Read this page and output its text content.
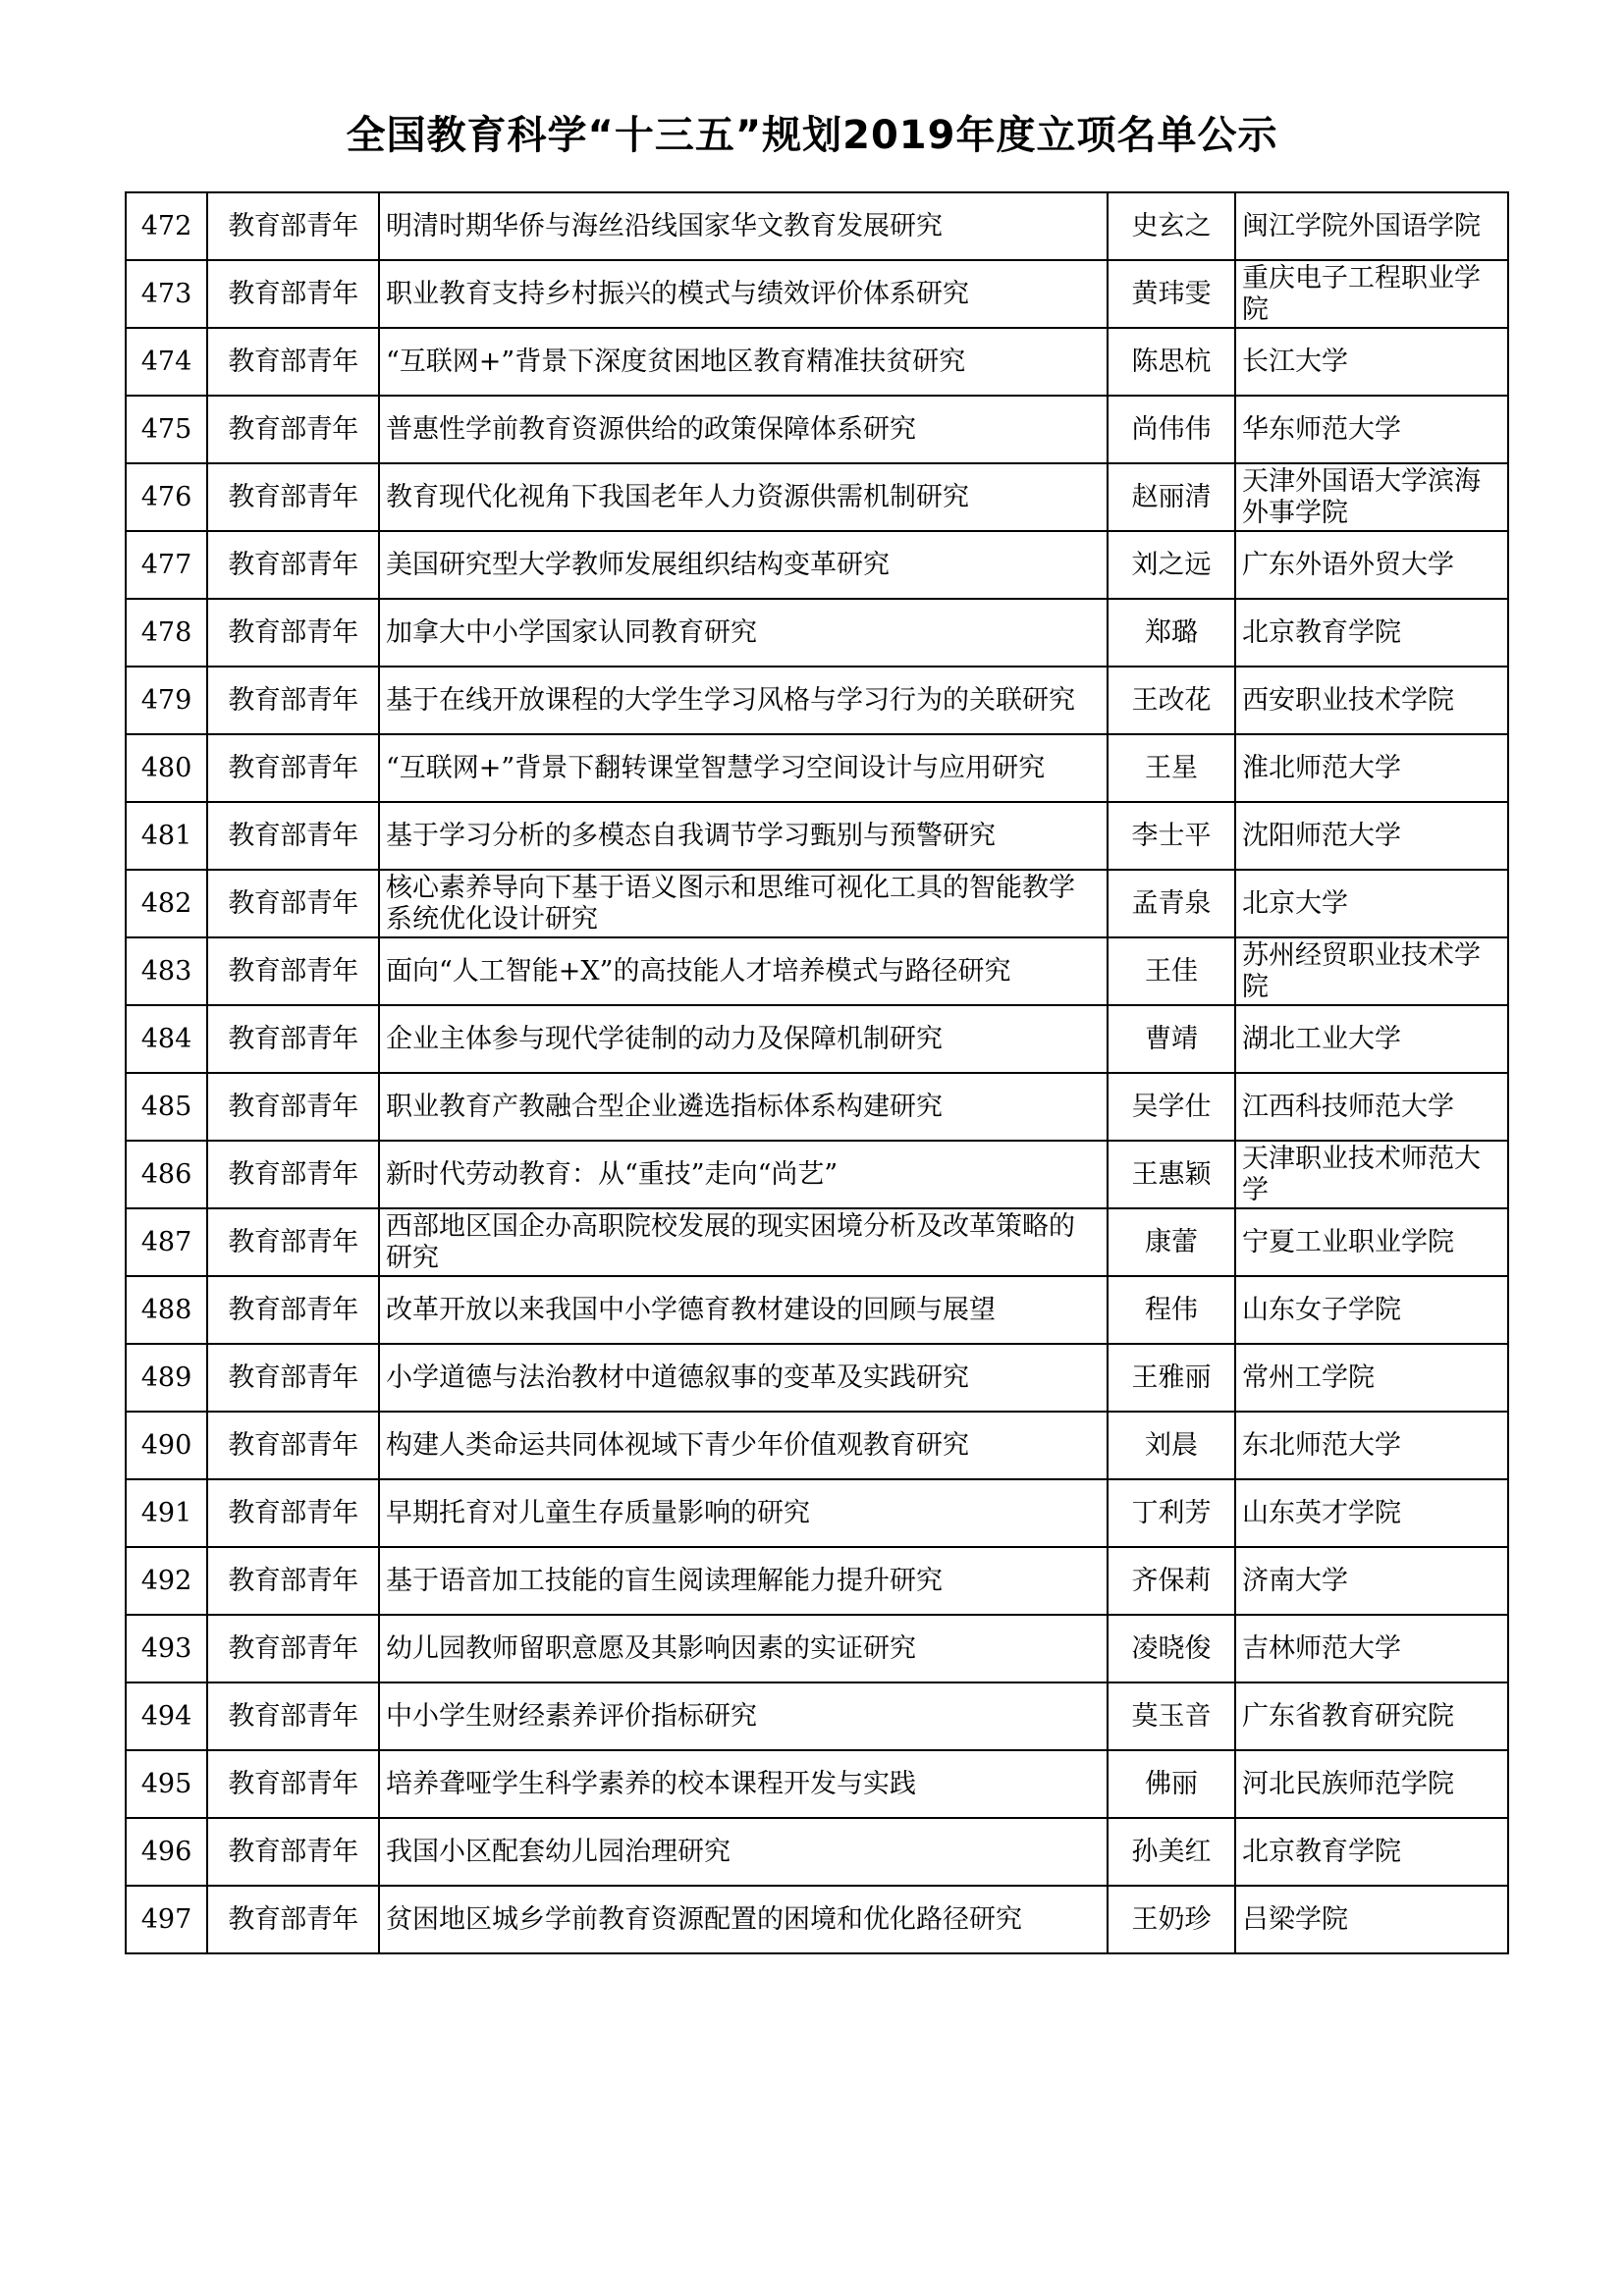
全国教育科学“十三五”规划2019年度立项名单公示
472	教育部青年	明清时期华侨与海丝沿线国家华文教育发展研究	史玄之	闽江学院外国语学院

473	教育部青年	职业教育支持乡村振兴的模式与绩效评价体系研究	黄玮雯	重庆电子工程职业学院

474	教育部青年	“互联网+”背景下深度贫困地区教育精准扶贫研究	陈思杭	长江大学

475	教育部青年	普惠性学前教育资源供给的政策保障体系研究	尚伟伟	华东师范大学

476	教育部青年	教育现代化视角下我国老年人力资源供需机制研究	赵丽清	天津外国语大学滨海外事学院

477	教育部青年	美国研究型大学教师发展组织结构变革研究	刘之远	广东外语外贸大学

478	教育部青年	加拿大中小学国家认同教育研究	郑璐	北京教育学院

479	教育部青年	基于在线开放课程的大学生学习风格与学习行为的关联研究	王改花	西安职业技术学院

480	教育部青年	“互联网+”背景下翻转课堂智慧学习空间设计与应用研究	王星	淮北师范大学

481	教育部青年	基于学习分析的多模态自我调节学习甄别与预警研究	李士平	沈阳师范大学

482	教育部青年	核心素养导向下基于语义图示和思维可视化工具的智能教学系统优化设计研究	孟青泉	北京大学

483	教育部青年	面向“人工智能+X”的高技能人才培养模式与路径研究	王佳	苏州经贸职业技术学院

484	教育部青年	企业主体参与现代学徒制的动力及保障机制研究	曹靖	湖北工业大学

485	教育部青年	职业教育产教融合型企业遴选指标体系构建研究	吴学仕	江西科技师范大学

486	教育部青年	新时代劳动教育：从“重技”走向“尚艺”	王惠颖	天津职业技术师范大学

487	教育部青年	西部地区国企办高职院校发展的现实困境分析及改革策略的研究	康蕾	宁夏工业职业学院

488	教育部青年	改革开放以来我国中小学德育教材建设的回顾与展望	程伟	山东女子学院

489	教育部青年	小学道德与法治教材中道德叙事的变革及实践研究	王雅丽	常州工学院

490	教育部青年	构建人类命运共同体视域下青少年价值观教育研究	刘晨	东北师范大学

491	教育部青年	早期托育对儿童生存质量影响的研究	丁利芳	山东英才学院

492	教育部青年	基于语音加工技能的盲生阅读理解能力提升研究	齐保莉	济南大学

493	教育部青年	幼儿园教师留职意愿及其影响因素的实证研究	凌晓俊	吉林师范大学

494	教育部青年	中小学生财经素养评价指标研究	莫玉音	广东省教育研究院

495	教育部青年	培养聋哑学生科学素养的校本课程开发与实践	佛丽	河北民族师范学院

496	教育部青年	我国小区配套幼儿园治理研究	孙美红	北京教育学院

497	教育部青年	贫困地区城乡学前教育资源配置的困境和优化路径研究	王奶珍	吕梁学院
